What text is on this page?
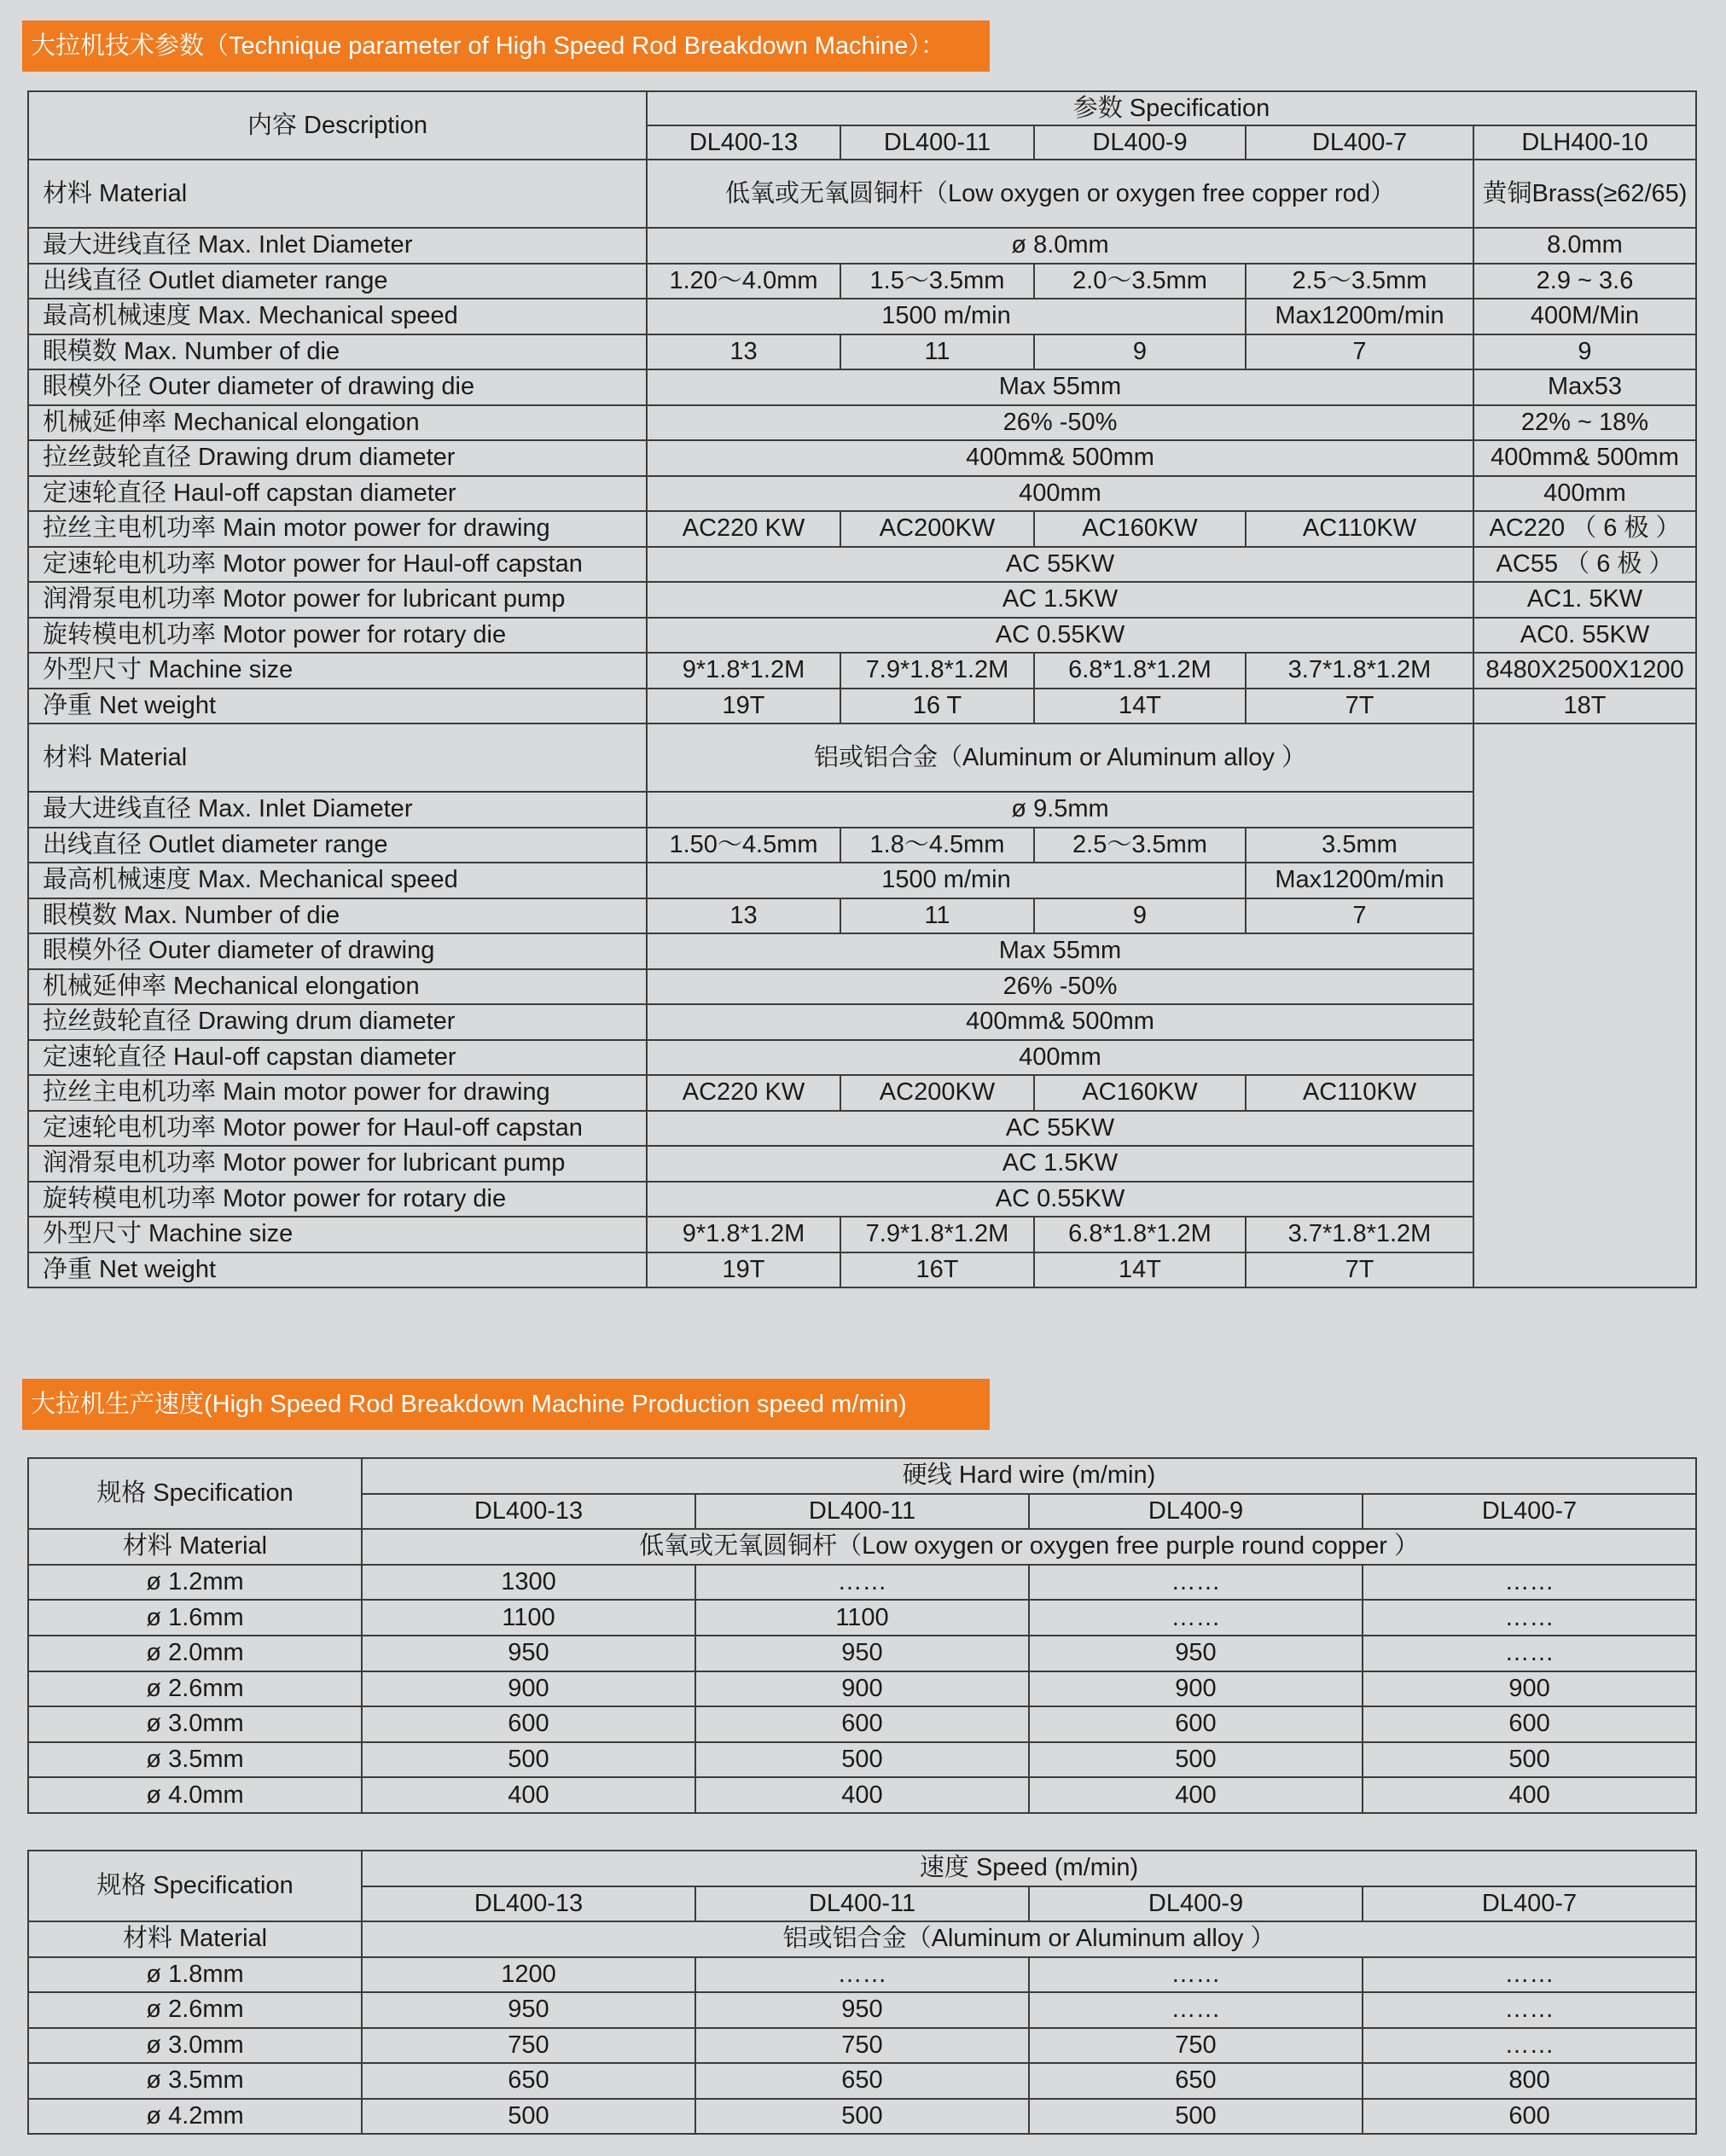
大拉机技术参数（Technique parameter of High Speed Rod Breakdown Machine）：
内容 Description	参数 Specification				
	DL400-13	DL400-11	DL400-9	DL400-7	DLH400-10
材料 Material	低氧或无氧圆铜杆（Low oxygen or oxygen free copper rod）				黄铜Brass(≥62/65)
最大进线直径 Max. Inlet Diameter	ø 8.0mm				8.0mm
出线直径 Outlet diameter range	1.20～4.0mm	1.5～3.5mm	2.0～3.5mm	2.5～3.5mm	2.9 ~ 3.6
最高机械速度 Max. Mechanical speed	1500 m/min			Max1200m/min	400M/Min
眼模数 Max. Number of die	13	11	9	7	9
眼模外径 Outer diameter of drawing die	Max 55mm				Max53
机械延伸率 Mechanical elongation	26% -50%				22% ~ 18%
拉丝鼓轮直径 Drawing drum diameter	400mm& 500mm				400mm& 500mm
定速轮直径 Haul-off capstan diameter	400mm				400mm
拉丝主电机功率 Main motor power for drawing	AC220 KW	AC200KW	AC160KW	AC110KW	AC220 （ 6 极 ）
定速轮电机功率 Motor power for Haul-off capstan	AC 55KW				AC55 （ 6 极 ）
润滑泵电机功率 Motor power for lubricant pump	AC 1.5KW				AC1. 5KW
旋转模电机功率 Motor power for rotary die	AC 0.55KW				AC0. 55KW
外型尺寸 Machine size	9*1.8*1.2M	7.9*1.8*1.2M	6.8*1.8*1.2M	3.7*1.8*1.2M	8480X2500X1200
净重 Net weight	19T	16 T	14T	7T	18T
材料 Material	铝或铝合金（Aluminum or Aluminum alloy ）				
最大进线直径 Max. Inlet Diameter	ø 9.5mm				
出线直径 Outlet diameter range	1.50～4.5mm	1.8～4.5mm	2.5～3.5mm	3.5mm	
最高机械速度 Max. Mechanical speed	1500 m/min			Max1200m/min	
眼模数 Max. Number of die	13	11	9	7	
眼模外径 Outer diameter of drawing	Max 55mm				
机械延伸率 Mechanical elongation	26% -50%				
拉丝鼓轮直径 Drawing drum diameter	400mm& 500mm				
定速轮直径 Haul-off capstan diameter	400mm				
拉丝主电机功率 Main motor power for drawing	AC220 KW	AC200KW	AC160KW	AC110KW	
定速轮电机功率 Motor power for Haul-off capstan	AC 55KW				
润滑泵电机功率 Motor power for lubricant pump	AC 1.5KW				
旋转模电机功率 Motor power for rotary die	AC 0.55KW				
外型尺寸 Machine size	9*1.8*1.2M	7.9*1.8*1.2M	6.8*1.8*1.2M	3.7*1.8*1.2M	
净重 Net weight	19T	16T	14T	7T	
大拉机生产速度(High Speed Rod Breakdown Machine Production speed m/min)
规格 Specification	硬线 Hard wire (m/min)			
	DL400-13	DL400-11	DL400-9	DL400-7
材料 Material	低氧或无氧圆铜杆（Low oxygen or oxygen free purple round copper ）			
ø 1.2mm	1300	……	……	……
ø 1.6mm	1100	1100	……	……
ø 2.0mm	950	950	950	……
ø 2.6mm	900	900	900	900
ø 3.0mm	600	600	600	600
ø 3.5mm	500	500	500	500
ø 4.0mm	400	400	400	400
规格 Specification	速度 Speed (m/min)			
	DL400-13	DL400-11	DL400-9	DL400-7
材料 Material	铝或铝合金（Aluminum or Aluminum alloy ）			
ø 1.8mm	1200	……	……	……
ø 2.6mm	950	950	……	……
ø 3.0mm	750	750	750	……
ø 3.5mm	650	650	650	800
ø 4.2mm	500	500	500	600
